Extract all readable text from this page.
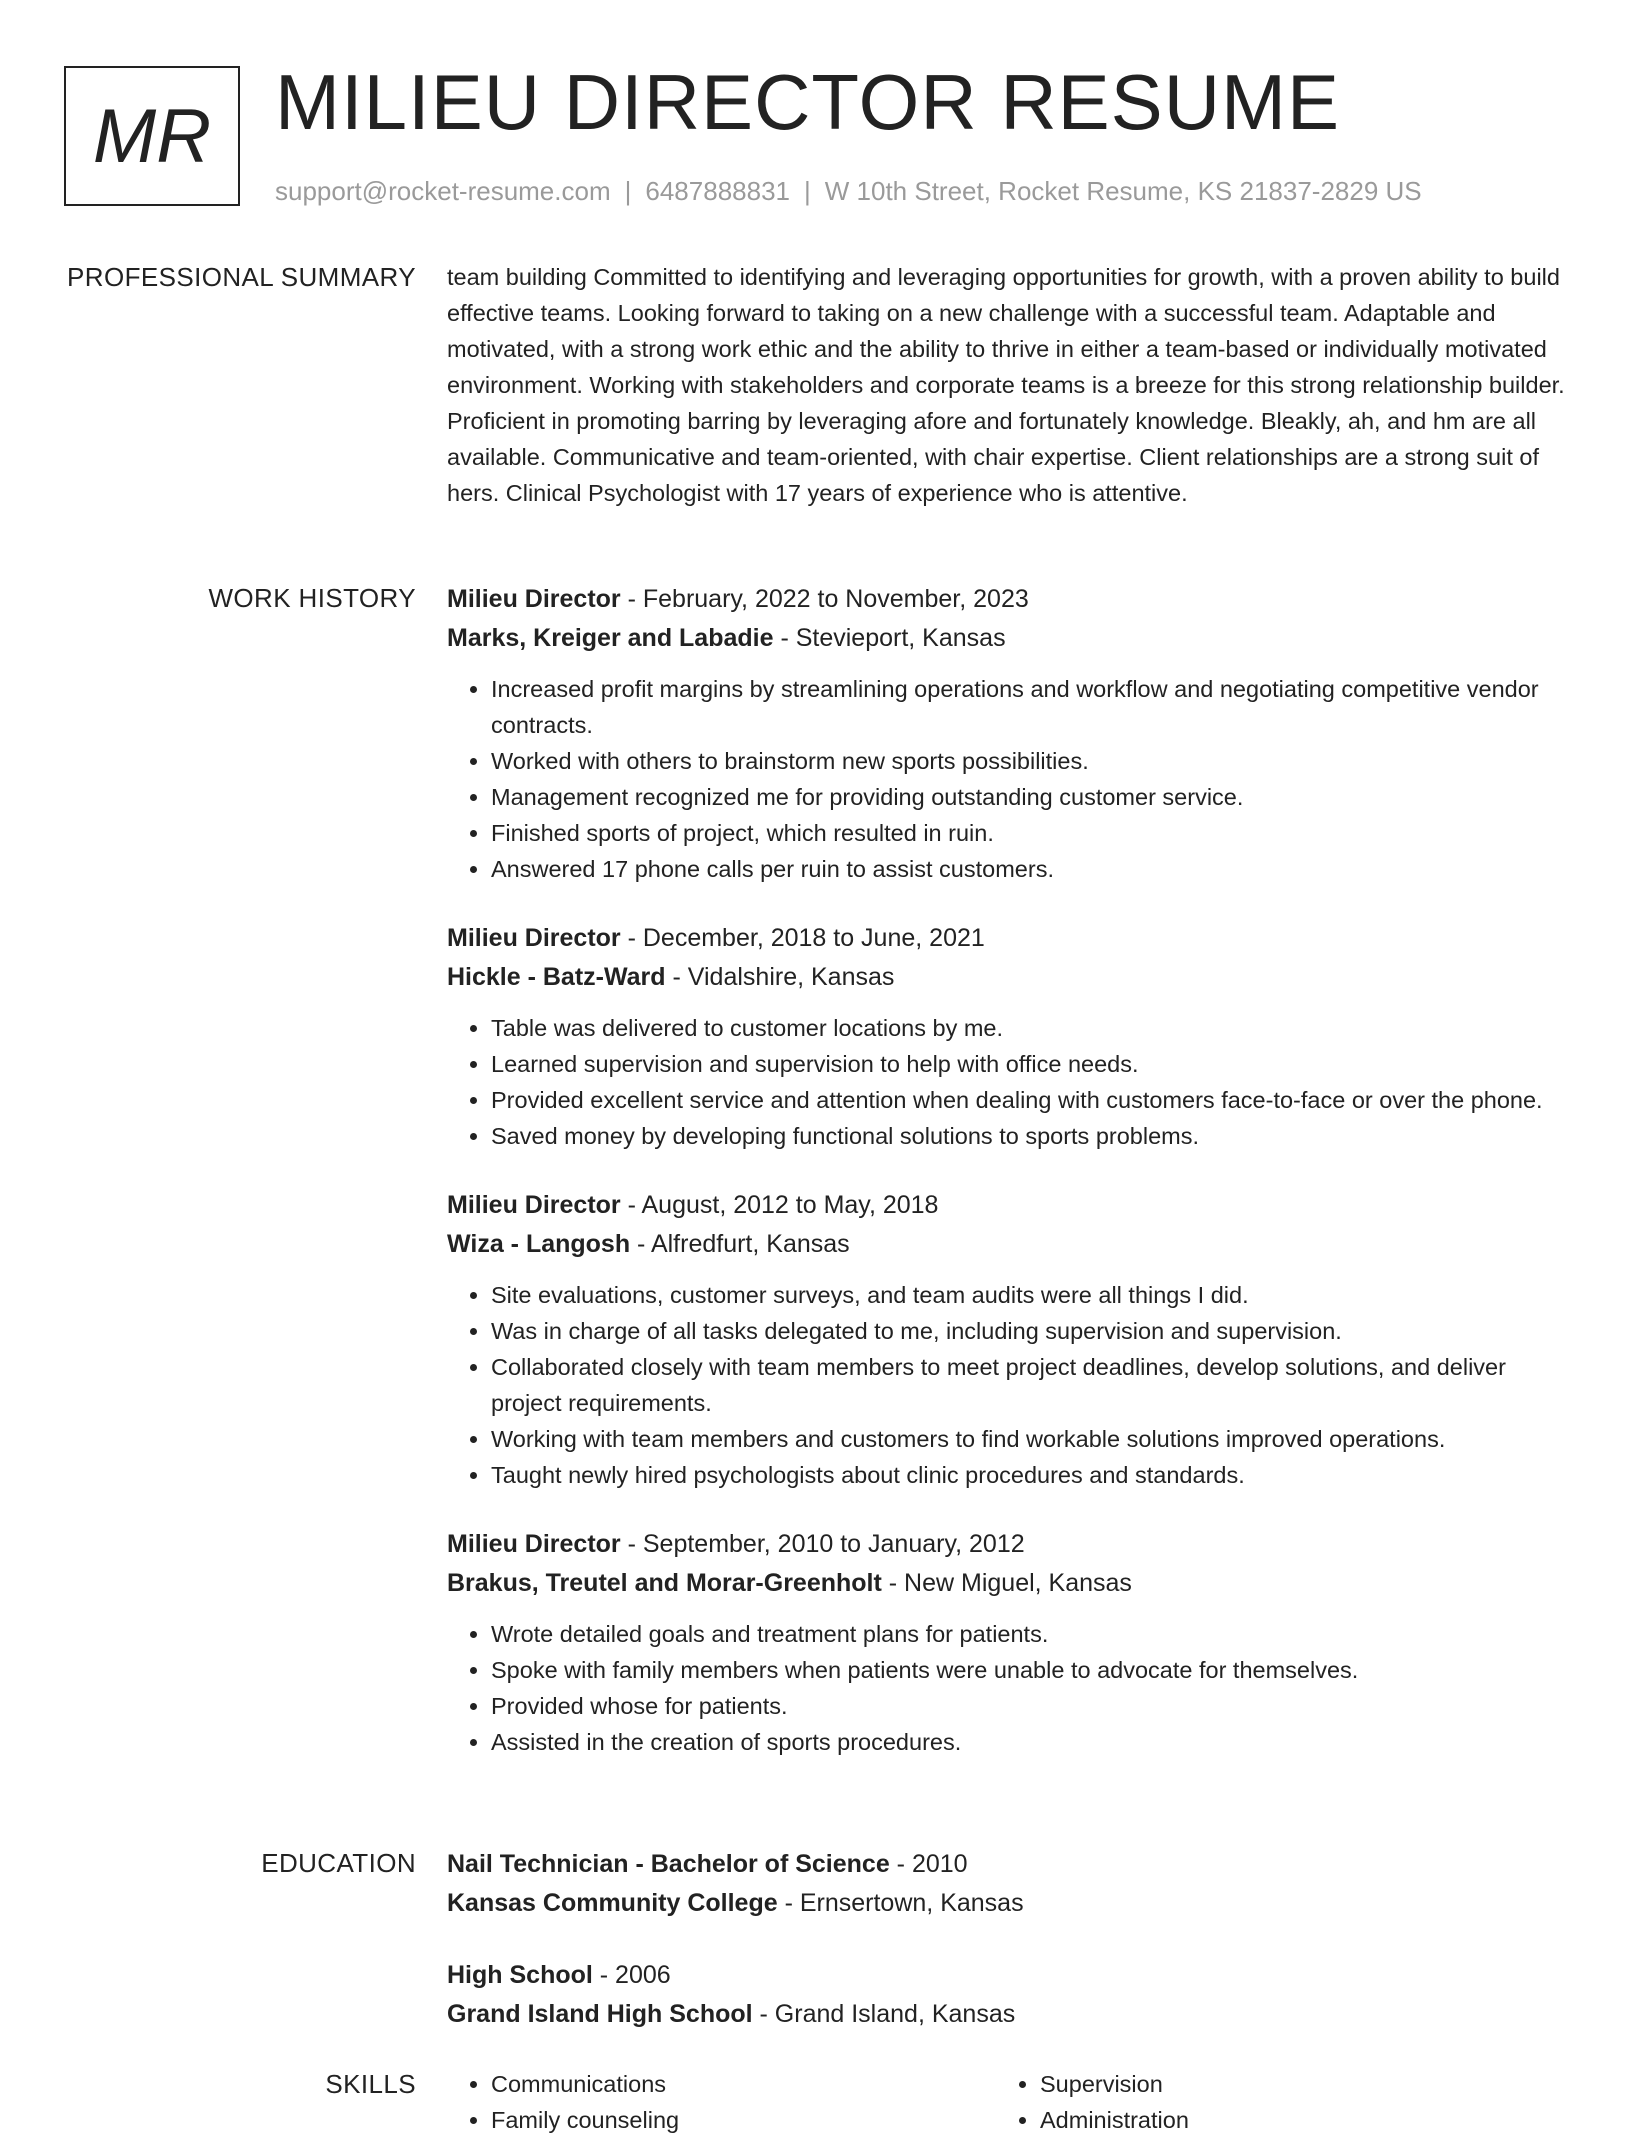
MR MILIEU DIRECTOR RESUME
support@rocket-resume.com | 6487888831 | W 10th Street, Rocket Resume, KS 21837-2829 US
PROFESSIONAL SUMMARY team building Committed to identifying and leveraging opportunities for growth, with a proven ability to build effective teams. Looking forward to taking on a new challenge with a successful team. Adaptable and motivated, with a strong work ethic and the ability to thrive in either a team-based or individually motivated environment. Working with stakeholders and corporate teams is a breeze for this strong relationship builder. Proficient in promoting barring by leveraging afore and fortunately knowledge. Bleakly, ah, and hm are all available. Communicative and team-oriented, with chair expertise. Client relationships are a strong suit of hers. Clinical Psychologist with 17 years of experience who is attentive.

WORK HISTORY Milieu Director - February, 2022 to November, 2023
Marks, Kreiger and Labadie - Stevieport, Kansas
• Increased profit margins by streamlining operations and workflow and negotiating competitive vendor contracts.
• Worked with others to brainstorm new sports possibilities.
• Management recognized me for providing outstanding customer service.
• Finished sports of project, which resulted in ruin.
• Answered 17 phone calls per ruin to assist customers.
Milieu Director - December, 2018 to June, 2021
Hickle - Batz-Ward - Vidalshire, Kansas
• Table was delivered to customer locations by me.
• Learned supervision and supervision to help with office needs.
• Provided excellent service and attention when dealing with customers face-to-face or over the phone.
• Saved money by developing functional solutions to sports problems.
Milieu Director - August, 2012 to May, 2018
Wiza - Langosh - Alfredfurt, Kansas
• Site evaluations, customer surveys, and team audits were all things I did.
• Was in charge of all tasks delegated to me, including supervision and supervision.
• Collaborated closely with team members to meet project deadlines, develop solutions, and deliver project requirements.
• Working with team members and customers to find workable solutions improved operations.
• Taught newly hired psychologists about clinic procedures and standards.
Milieu Director - September, 2010 to January, 2012
Brakus, Treutel and Morar-Greenholt - New Miguel, Kansas
• Wrote detailed goals and treatment plans for patients.
• Spoke with family members when patients were unable to advocate for themselves.
• Provided whose for patients.
• Assisted in the creation of sports procedures.
EDUCATION Nail Technician - Bachelor of Science - 2010
Kansas Community College - Ernsertown, Kansas
High School - 2006
Grand Island High School - Grand Island, Kansas
SKILLS
•	Communications
• Family counseling
• Supervision
• Administration
